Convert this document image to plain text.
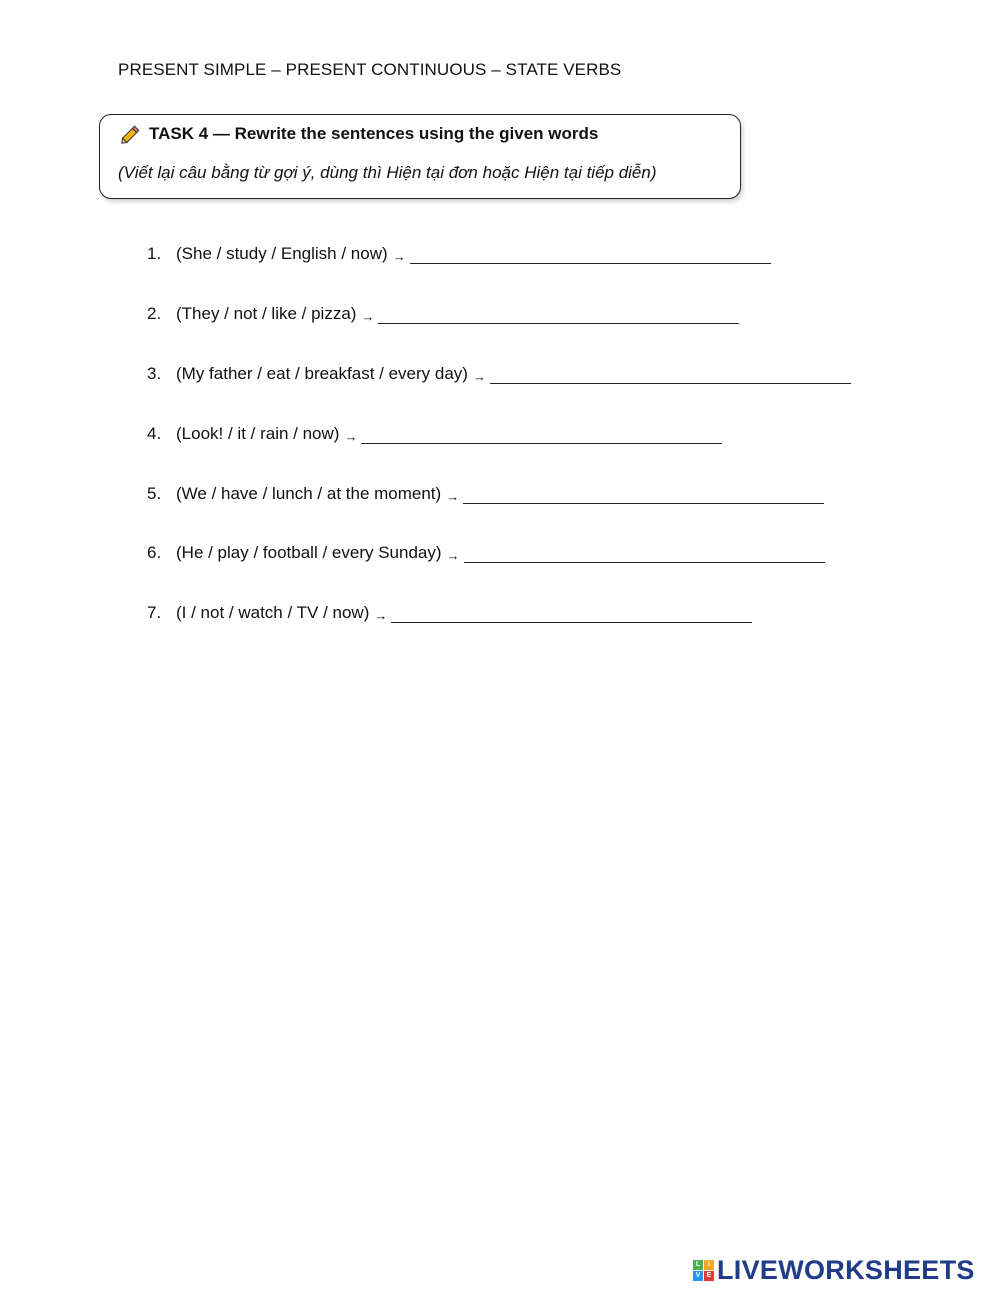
PRESENT SIMPLE – PRESENT CONTINUOUS – STATE VERBS
TASK 4 — Rewrite the sentences using the given words
(Viết lại câu bằng từ gợi ý, dùng thì Hiện tại đơn hoặc Hiện tại tiếp diễn)
1. (She / study / English / now) →
2. (They / not / like / pizza) →
3. (My father / eat / breakfast / every day) →
4. (Look! / it / rain / now) →
5. (We / have / lunch / at the moment) →
6. (He / play / football / every Sunday) →
7. (I / not / watch / TV / now) →
L	I
V E LIVEWORKSHEETS
